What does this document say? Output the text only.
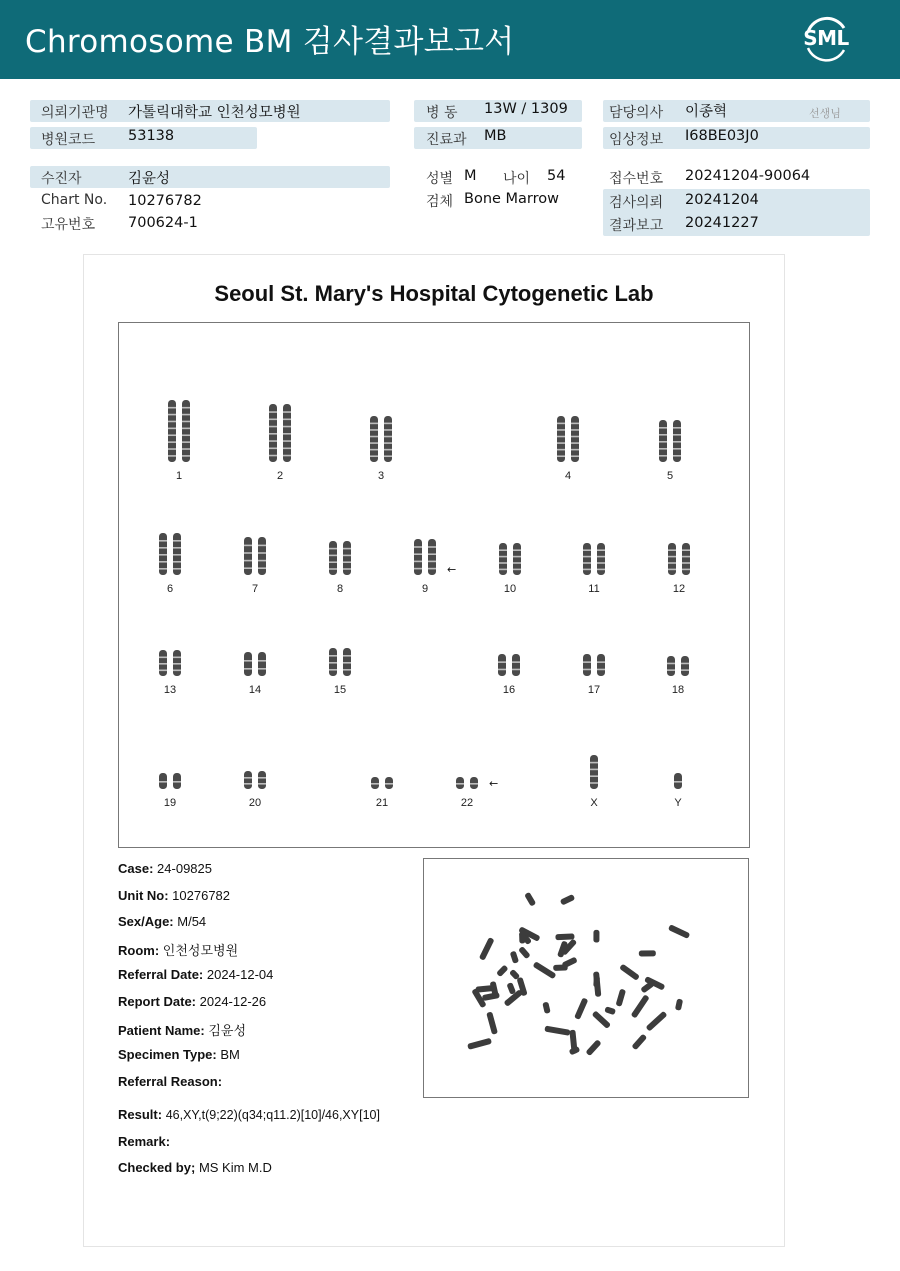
Chromosome BM 검사결과보고서	SML
의뢰기관명 가톨릭대학교 인천성모병원
병원코드 53138
병 동 13W / 1309
진료과 MB
담당의사 이종혁	선생님
임상정보 I68BE03J0
수진자	김윤성
Chart No. 10276782
고유번호 700624-1
성별 M 나이 54
검체 Bone Marrow
접수번호 20241204-90064
검사의뢰 20241204
결과보고 20241227
Seoul St. Mary's Hospital Cytogenetic Lab
1	2	3	4	5
6	7	8	9
←
10	11	12
13	14	15	16	17	18
19	20	21	22
←
X	Y
Case: 24-09825
Unit No: 10276782
Sex/Age: M/54
Room: 인천성모병원
Referral Date: 2024-12-04
Report Date: 2024-12-26
Patient Name: 김윤성
Specimen Type: BM
Referral Reason:
Result: 46,XY,t(9;22)(q34;q11.2)[10]/46,XY[10]
Remark:
Checked by; MS Kim M.D
